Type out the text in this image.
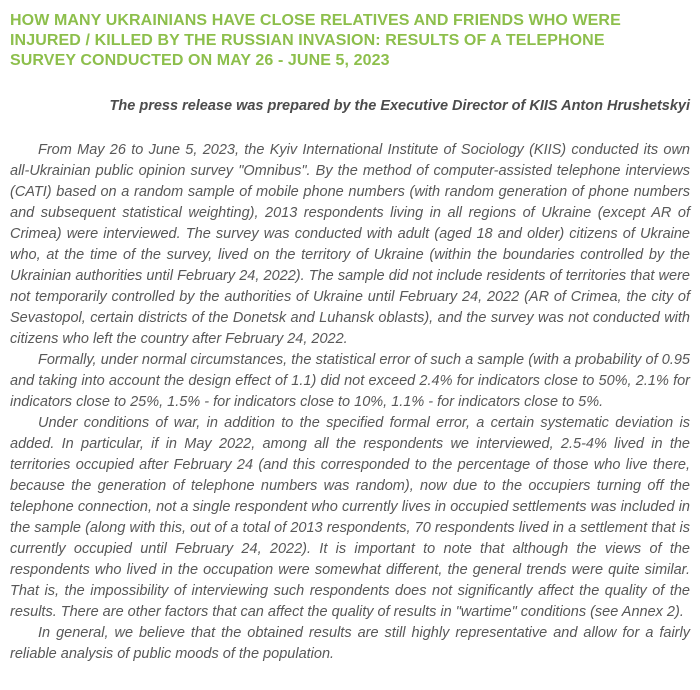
HOW MANY UKRAINIANS HAVE CLOSE RELATIVES AND FRIENDS WHO WERE INJURED / KILLED BY THE RUSSIAN INVASION: RESULTS OF A TELEPHONE SURVEY CONDUCTED ON MAY 26 - JUNE 5, 2023

The press release was prepared by the Executive Director of KIIS Anton Hrushetskyi

From May 26 to June 5, 2023, the Kyiv International Institute of Sociology (KIIS) conducted its own all-Ukrainian public opinion survey "Omnibus". By the method of computer-assisted telephone interviews (CATI) based on a random sample of mobile phone numbers (with random generation of phone numbers and subsequent statistical weighting), 2013 respondents living in all regions of Ukraine (except AR of Crimea) were interviewed. The survey was conducted with adult (aged 18 and older) citizens of Ukraine who, at the time of the survey, lived on the territory of Ukraine (within the boundaries controlled by the Ukrainian authorities until February 24, 2022). The sample did not include residents of territories that were not temporarily controlled by the authorities of Ukraine until February 24, 2022 (AR of Crimea, the city of Sevastopol, certain districts of the Donetsk and Luhansk oblasts), and the survey was not conducted with citizens who left the country after February 24, 2022.

Formally, under normal circumstances, the statistical error of such a sample (with a probability of 0.95 and taking into account the design effect of 1.1) did not exceed 2.4% for indicators close to 50%, 2.1% for indicators close to 25%, 1.5% - for indicators close to 10%, 1.1% - for indicators close to 5%.

Under conditions of war, in addition to the specified formal error, a certain systematic deviation is added. In particular, if in May 2022, among all the respondents we interviewed, 2.5-4% lived in the territories occupied after February 24 (and this corresponded to the percentage of those who live there, because the generation of telephone numbers was random), now due to the occupiers turning off the telephone connection, not a single respondent who currently lives in occupied settlements was included in the sample (along with this, out of a total of 2013 respondents, 70 respondents lived in a settlement that is currently occupied until February 24, 2022). It is important to note that although the views of the respondents who lived in the occupation were somewhat different, the general trends were quite similar. That is, the impossibility of interviewing such respondents does not significantly affect the quality of the results. There are other factors that can affect the quality of results in "wartime" conditions (see Annex 2).

In general, we believe that the obtained results are still highly representative and allow for a fairly reliable analysis of public moods of the population.
